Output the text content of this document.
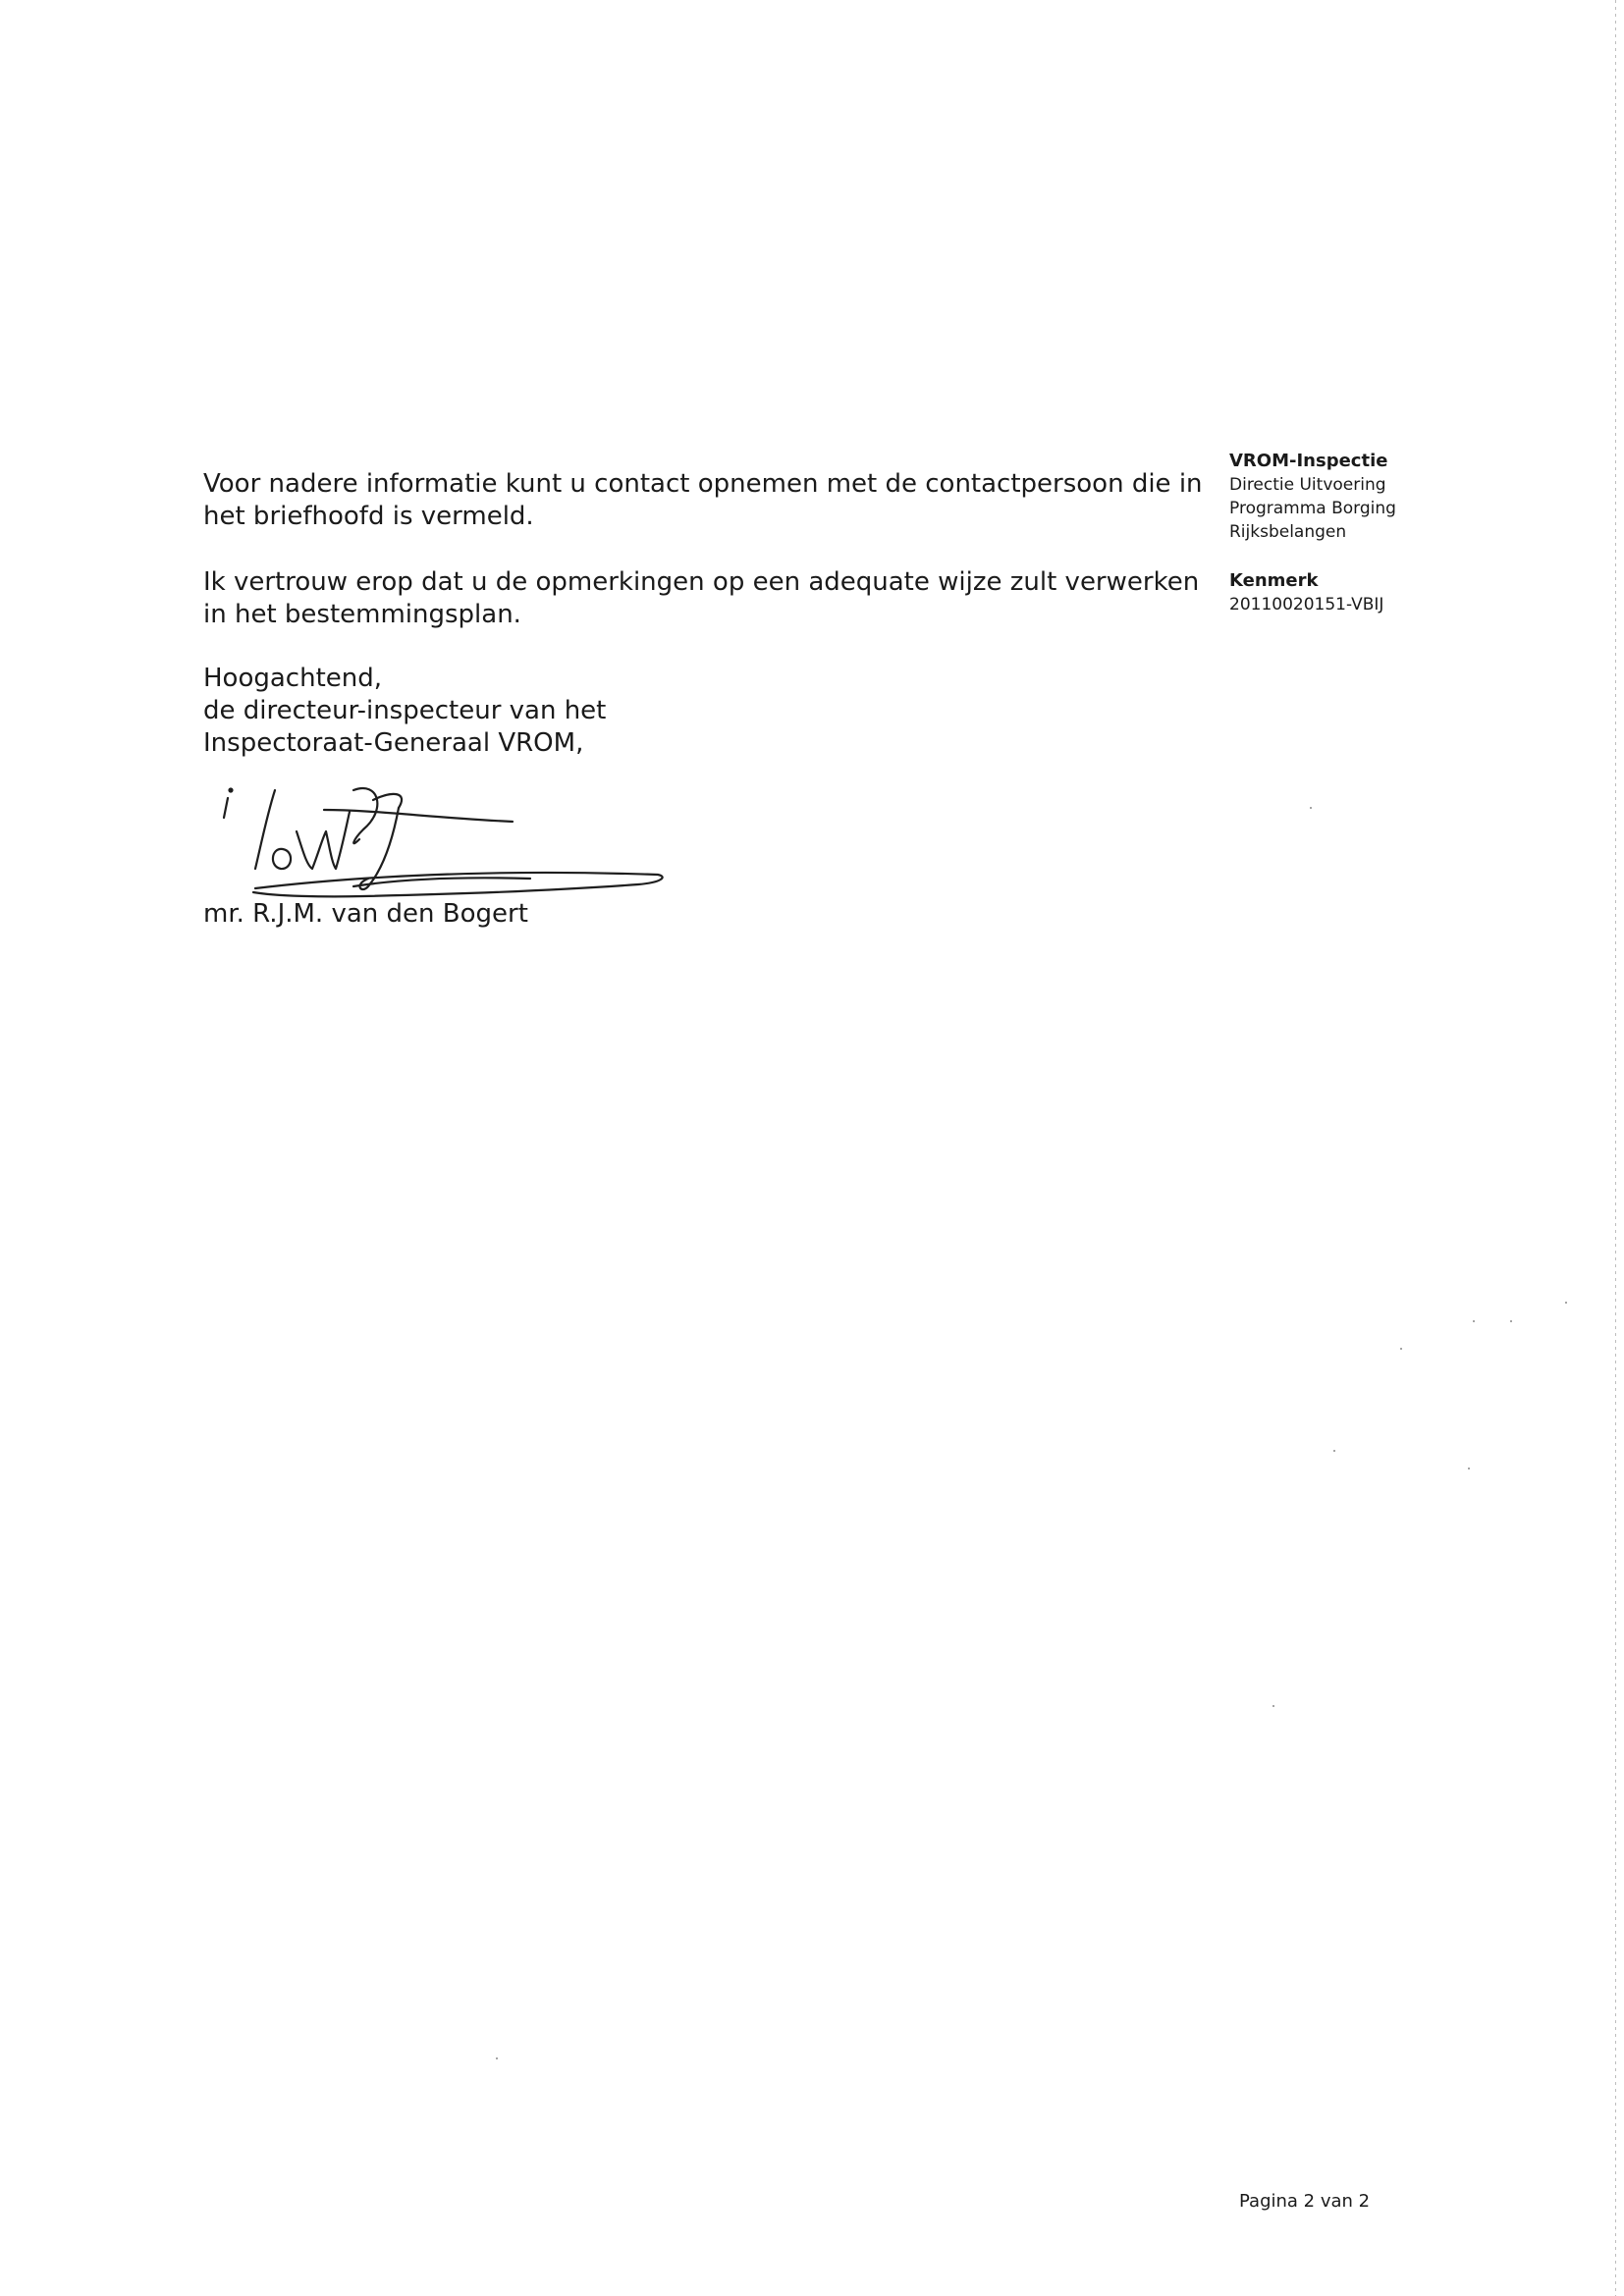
Voor nadere informatie kunt u contact opnemen met de contactpersoon die in het briefhoofd is vermeld.

Ik vertrouw erop dat u de opmerkingen op een adequate wijze zult verwerken in het bestemmingsplan.

Hoogachtend,
de directeur-inspecteur van het
Inspectoraat-Generaal VROM,
mr. R.J.M. van den Bogert
VROM-Inspectie
Directie Uitvoering
Programma Borging
Rijksbelangen
Kenmerk
20110020151-VBIJ
Pagina 2 van 2
